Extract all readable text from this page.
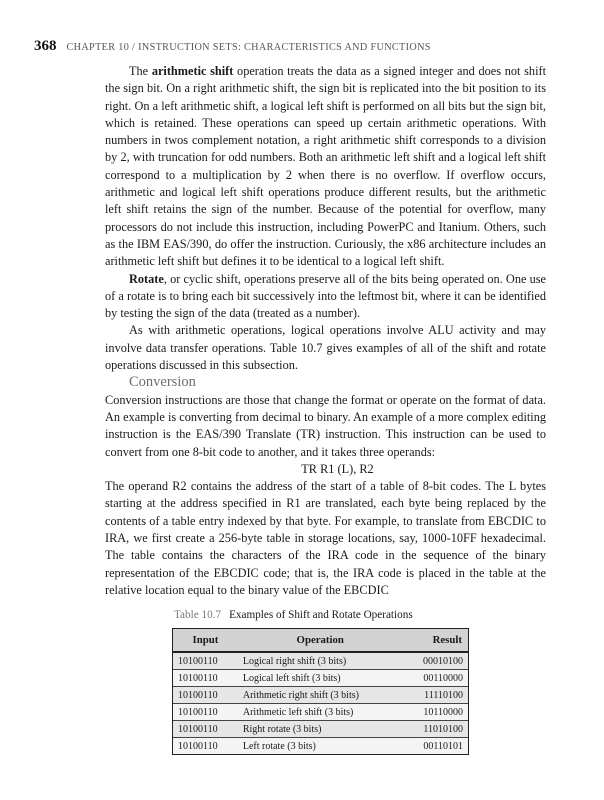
368 CHAPTER 10 / INSTRUCTION SETS: CHARACTERISTICS AND FUNCTIONS

The arithmetic shift operation treats the data as a signed integer and does not shift the sign bit. On a right arithmetic shift, the sign bit is replicated into the bit position to its right. On a left arithmetic shift, a logical left shift is performed on all bits but the sign bit, which is retained. These operations can speed up certain arithmetic operations. With numbers in twos complement notation, a right arithmetic shift corresponds to a division by 2, with truncation for odd numbers. Both an arithmetic left shift and a logical left shift correspond to a multiplication by 2 when there is no overflow. If overflow occurs, arithmetic and logical left shift operations produce different results, but the arithmetic left shift retains the sign of the number. Because of the potential for overflow, many processors do not include this instruction, including PowerPC and Itanium. Others, such as the IBM EAS/390, do offer the instruction. Curiously, the x86 architecture includes an arithmetic left shift but defines it to be identical to a logical left shift.

Rotate, or cyclic shift, operations preserve all of the bits being operated on. One use of a rotate is to bring each bit successively into the leftmost bit, where it can be identified by testing the sign of the data (treated as a number).

As with arithmetic operations, logical operations involve ALU activity and may involve data transfer operations. Table 10.7 gives examples of all of the shift and rotate operations discussed in this subsection.

Conversion

Conversion instructions are those that change the format or operate on the format of data. An example is converting from decimal to binary. An example of a more complex editing instruction is the EAS/390 Translate (TR) instruction. This instruction can be used to convert from one 8-bit code to another, and it takes three operands:

TR R1 (L), R2

The operand R2 contains the address of the start of a table of 8-bit codes. The L bytes starting at the address specified in R1 are translated, each byte being replaced by the contents of a table entry indexed by that byte. For example, to translate from EBCDIC to IRA, we first create a 256-byte table in storage locations, say, 1000-10FF hexadecimal. The table contains the characters of the IRA code in the sequence of the binary representation of the EBCDIC code; that is, the IRA code is placed in the table at the relative location equal to the binary value of the EBCDIC

Table 10.7 Examples of Shift and Rotate Operations
Input	Operation	Result
10100110	Logical right shift (3 bits)	00010100
10100110	Logical left shift (3 bits)	00110000
10100110	Arithmetic right shift (3 bits)	11110100
10100110	Arithmetic left shift (3 bits)	10110000
10100110	Right rotate (3 bits)	11010100
10100110	Left rotate (3 bits)	00110101
